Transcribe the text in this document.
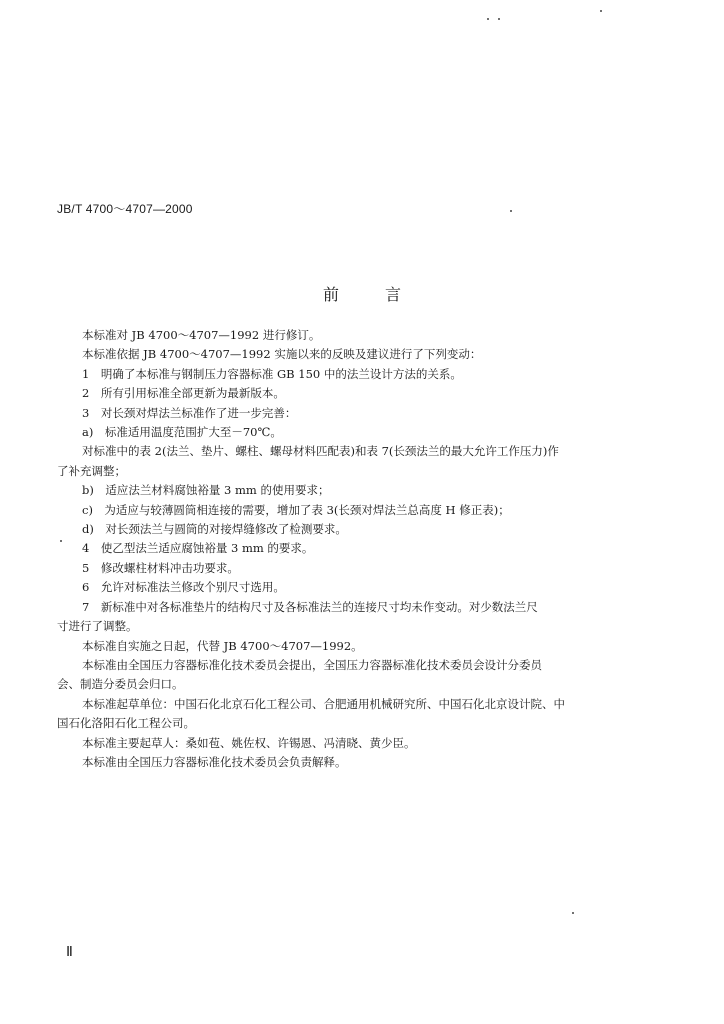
JB/T 4700～4707—2000
前言
本标准对 JB 4700～4707—1992 进行修订。
本标准依据 JB 4700～4707—1992 实施以来的反映及建议进行了下列变动：
1　明确了本标准与钢制压力容器标准 GB 150 中的法兰设计方法的关系。
2　所有引用标准全部更新为最新版本。
3　对长颈对焊法兰标准作了进一步完善：
a)　标准适用温度范围扩大至－70℃。
对标准中的表 2(法兰、垫片、螺柱、螺母材料匹配表)和表 7(长颈法兰的最大允许工作压力)作
了补充调整；
b)　适应法兰材料腐蚀裕量 3 mm 的使用要求；
c)　为适应与较薄圆筒相连接的需要，增加了表 3(长颈对焊法兰总高度 H 修正表)；
d)　对长颈法兰与圆筒的对接焊缝修改了检测要求。
4　使乙型法兰适应腐蚀裕量 3 mm 的要求。
5　修改螺柱材料冲击功要求。
6　允许对标准法兰修改个别尺寸选用。
7　新标准中对各标准垫片的结构尺寸及各标准法兰的连接尺寸均未作变动。对少数法兰尺
寸进行了调整。
本标准自实施之日起，代替 JB 4700～4707—1992。
本标准由全国压力容器标准化技术委员会提出，全国压力容器标准化技术委员会设计分委员
会、制造分委员会归口。
本标准起草单位：中国石化北京石化工程公司、合肥通用机械研究所、中国石化北京设计院、中
国石化洛阳石化工程公司。
本标准主要起草人：桑如苞、姚佐权、许锡恩、冯清晓、黄少臣。
本标准由全国压力容器标准化技术委员会负责解释。
Ⅱ
